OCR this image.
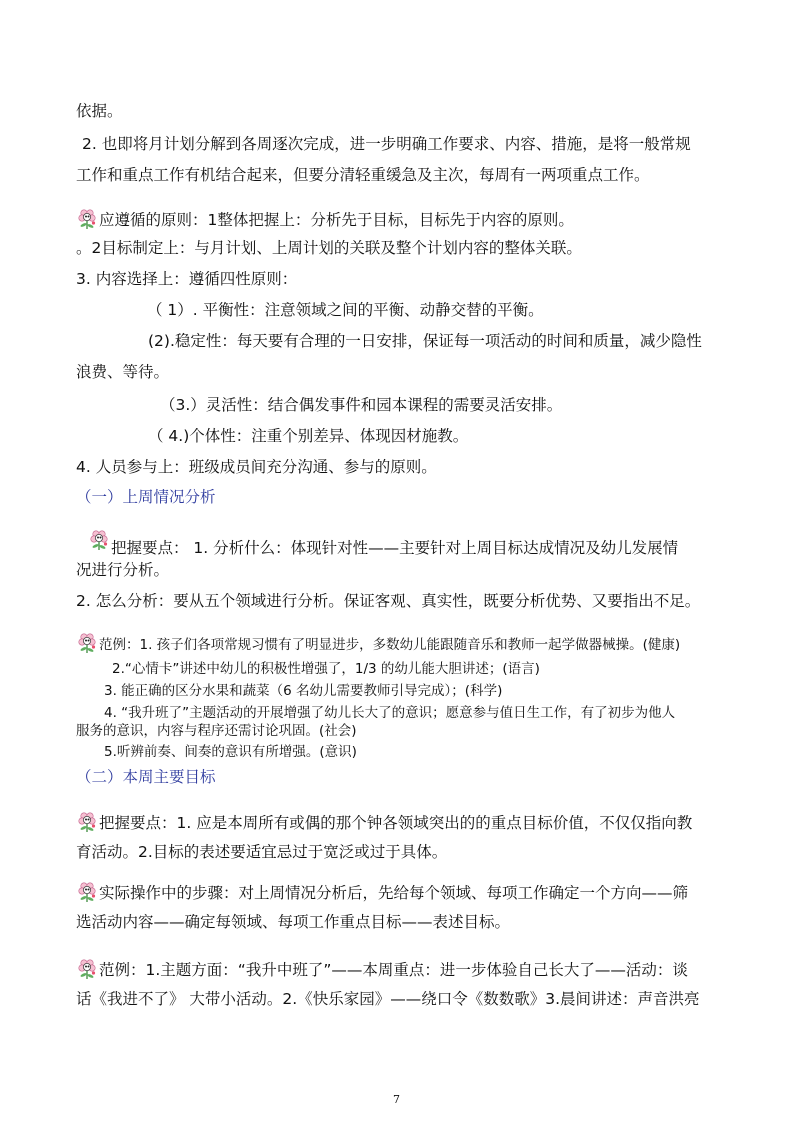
依据。
2. 也即将月计划分解到各周逐次完成，进一步明确工作要求、内容、措施，是将一般常规
工作和重点工作有机结合起来，但要分清轻重缓急及主次，每周有一两项重点工作。
应遵循的原则：1整体把握上：分析先于目标，目标先于内容的原则。
。2目标制定上：与月计划、上周计划的关联及整个计划内容的整体关联。
3. 内容选择上：遵循四性原则：
（ 1）. 平衡性：注意领域之间的平衡、动静交替的平衡。
(2).稳定性：每天要有合理的一日安排，保证每一项活动的时间和质量，减少隐性
浪费、等待。
（3.）灵活性：结合偶发事件和园本课程的需要灵活安排。
（ 4.)个体性：注重个别差异、体现因材施教。
4. 人员参与上：班级成员间充分沟通、参与的原则。
（一）上周情况分析
把握要点： 1. 分析什么：体现针对性——主要针对上周目标达成情况及幼儿发展情
况进行分析。
2. 怎么分析：要从五个领域进行分析。保证客观、真实性，既要分析优势、又要指出不足。
范例：1. 孩子们各项常规习惯有了明显进步，多数幼儿能跟随音乐和教师一起学做器械操。(健康)
2.“心情卡”讲述中幼儿的积极性增强了，1/3 的幼儿能大胆讲述；(语言)
3. 能正确的区分水果和蔬菜（6 名幼儿需要教师引导完成）；(科学)
4. “我升班了”主题活动的开展增强了幼儿长大了的意识；愿意参与值日生工作，有了初步为他人
服务的意识，内容与程序还需讨论巩固。(社会)
5.听辨前奏、间奏的意识有所增强。(意识)
（二）本周主要目标
把握要点：1. 应是本周所有或偶的那个钟各领域突出的的重点目标价值，不仅仅指向教
育活动。2.目标的表述要适宜忌过于宽泛或过于具体。
实际操作中的步骤：对上周情况分析后，先给每个领域、每项工作确定一个方向——筛
选活动内容——确定每领域、每项工作重点目标——表述目标。
范例：1.主题方面：“我升中班了”——本周重点：进一步体验自己长大了——活动：谈
话《我进不了》 大带小活动。2.《快乐家园》——绕口令《数数歌》3.晨间讲述：声音洪亮
7
